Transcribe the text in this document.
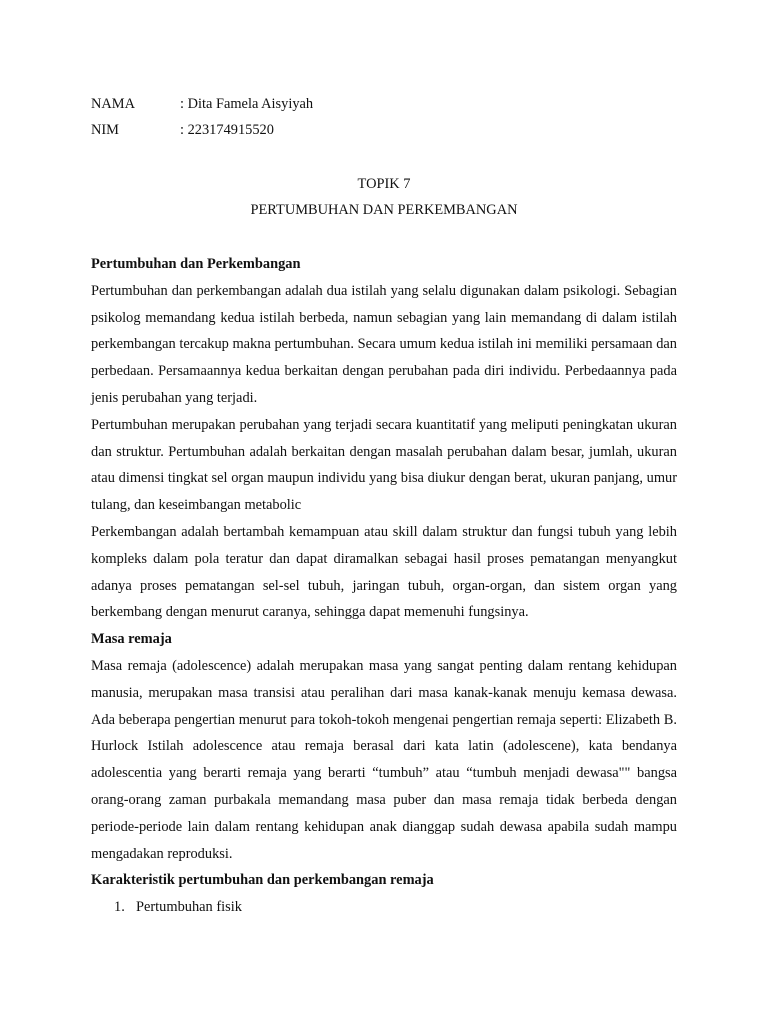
NAMA	: Dita Famela Aisyiyah
NIM	: 223174915520
TOPIK 7
PERTUMBUHAN DAN PERKEMBANGAN
Pertumbuhan dan Perkembangan

Pertumbuhan dan perkembangan adalah dua istilah yang selalu digunakan dalam psikologi. Sebagian psikolog memandang kedua istilah berbeda, namun sebagian yang lain memandang di dalam istilah perkembangan tercakup makna pertumbuhan. Secara umum kedua istilah ini memiliki persamaan dan perbedaan. Persamaannya kedua berkaitan dengan perubahan pada diri individu. Perbedaannya pada jenis perubahan yang terjadi.

Pertumbuhan merupakan perubahan yang terjadi secara kuantitatif yang meliputi peningkatan ukuran dan struktur. Pertumbuhan adalah berkaitan dengan masalah perubahan dalam besar, jumlah, ukuran atau dimensi tingkat sel organ maupun individu yang bisa diukur dengan berat, ukuran panjang, umur tulang, dan keseimbangan metabolic

Perkembangan adalah bertambah kemampuan atau skill dalam struktur dan fungsi tubuh yang lebih kompleks dalam pola teratur dan dapat diramalkan sebagai hasil proses pematangan menyangkut adanya proses pematangan sel-sel tubuh, jaringan tubuh, organ-organ, dan sistem organ yang berkembang dengan menurut caranya, sehingga dapat memenuhi fungsinya.

Masa remaja

Masa remaja (adolescence) adalah merupakan masa yang sangat penting dalam rentang kehidupan manusia, merupakan masa transisi atau peralihan dari masa kanak-kanak menuju kemasa dewasa. Ada beberapa pengertian menurut para tokoh-tokoh mengenai pengertian remaja seperti: Elizabeth B. Hurlock Istilah adolescence atau remaja berasal dari kata latin (adolescene), kata bendanya adolescentia yang berarti remaja yang berarti “tumbuh” atau “tumbuh menjadi dewasa"" bangsa orang-orang zaman purbakala memandang masa puber dan masa remaja tidak berbeda dengan periode-periode lain dalam rentang kehidupan anak dianggap sudah dewasa apabila sudah mampu mengadakan reproduksi.

Karakteristik pertumbuhan dan perkembangan remaja
1. Pertumbuhan fisik
